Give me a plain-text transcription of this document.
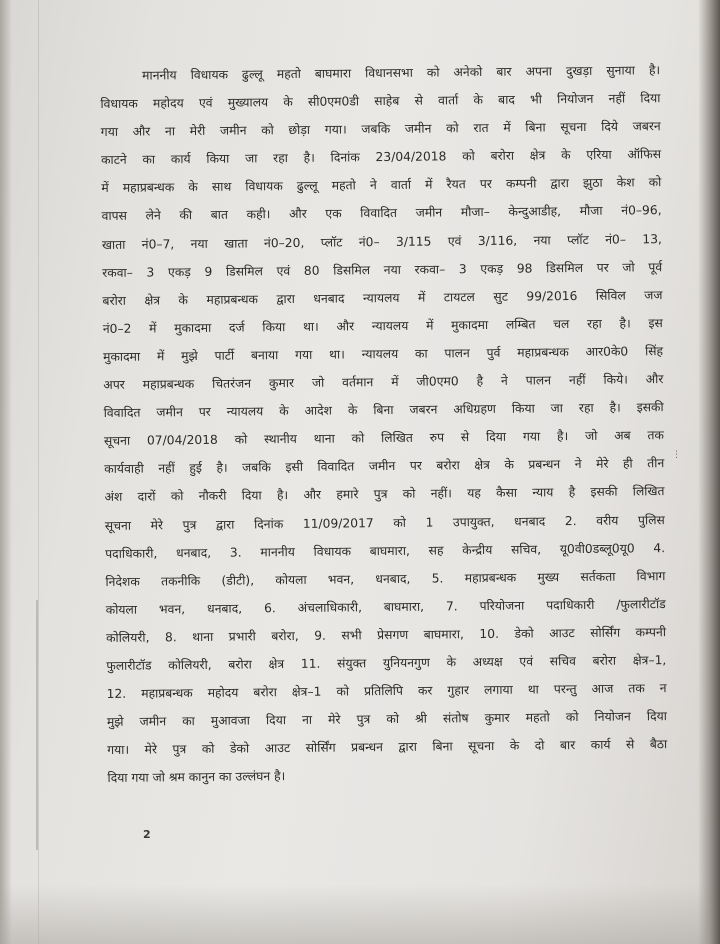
माननीय विधायक ढुल्लू महतो बाघमारा विधानसभा को अनेको बार अपना दुखड़ा सुनाया है।
विधायक महोदय एवं मुख्यालय के सी0एम0डी साहेब से वार्ता के बाद भी नियोजन नहीं दिया
गया और ना मेरी जमीन को छोड़ा गया। जबकि जमीन को रात में बिना सूचना दिये जबरन
काटने का कार्य किया जा रहा है। दिनांक 23/04/2018 को बरोरा क्षेत्र के एरिया ऑफिस
में महाप्रबन्धक के साथ विधायक ढुल्लू महतो ने वार्ता में रैयत पर कम्पनी द्वारा झुठा केश को
वापस लेने की बात कही। और एक विवादित जमीन मौजा– केन्दुआडीह, मौजा नं0–96,
खाता नं0–7, नया खाता नं0–20, प्लॉट नं0– 3/115 एवं 3/116, नया प्लॉट नं0– 13,
रकवा– 3 एकड़ 9 डिसमिल एवं 80 डिसमिल नया रकवा– 3 एकड़ 98 डिसमिल पर जो पूर्व
बरोरा क्षेत्र के महाप्रबन्धक द्वारा धनबाद न्यायलय में टायटल सुट 99/2016 सिविल जज
नं0–2 में मुकादमा दर्ज किया था। और न्यायलय में मुकादमा लम्बित चल रहा है। इस
मुकादमा में मुझे पार्टी बनाया गया था। न्यायलय का पालन पुर्व महाप्रबन्धक आर0के0 सिंह
अपर महाप्रबन्धक चितरंजन कुमार जो वर्तमान में जी0एम0 है ने पालन नहीं किये। और
विवादित जमीन पर न्यायलय के आदेश के बिना जबरन अधिग्रहण किया जा रहा है। इसकी
सूचना 07/04/2018 को स्थानीय थाना को लिखित रुप से दिया गया है। जो अब तक
कार्यवाही नहीं हुई है। जबकि इसी विवादित जमीन पर बरोरा क्षेत्र के प्रबन्धन ने मेरे ही तीन
अंश दारों को नौकरी दिया है। और हमारे पुत्र को नहीं। यह कैसा न्याय है इसकी लिखित
सूचना मेरे पुत्र द्वारा दिनांक 11/09/2017 को 1 उपायुक्त, धनबाद 2. वरीय पुलिस
पदाधिकारी, धनबाद, 3. माननीय विधायक बाघमारा, सह केन्द्रीय सचिव, यू0वी0डब्लू0यू0 4.
निदेशक तकनीकि (डीटी), कोयला भवन, धनबाद, 5. महाप्रबन्धक मुख्य सर्तकता विभाग
कोयला भवन, धनबाद, 6. अंचलाधिकारी, बाघमारा, 7. परियोजना पदाधिकारी /फुलारीटॉड
कोलियरी, 8. थाना प्रभारी बरोरा, 9. सभी प्रेसगण बाघमारा, 10. डेको आउट सोर्सिंग कम्पनी
फुलारीटॉड कोलियरी, बरोरा क्षेत्र 11. संयुक्त युनियनगुण के अध्यक्ष एवं सचिव बरोरा क्षेत्र–1,
12. महाप्रबन्धक महोदय बरोरा क्षेत्र–1 को प्रतिलिपि कर गुहार लगाया था परन्तु आज तक न
मुझे जमीन का मुआवजा दिया ना मेरे पुत्र को श्री संतोष कुमार महतो को नियोजन दिया
गया। मेरे पुत्र को डेको आउट सोर्सिंग प्रबन्धन द्वारा बिना सूचना के दो बार कार्य से बैठा
दिया गया जो श्रम कानुन का उल्लंघन है।
⋮
2
